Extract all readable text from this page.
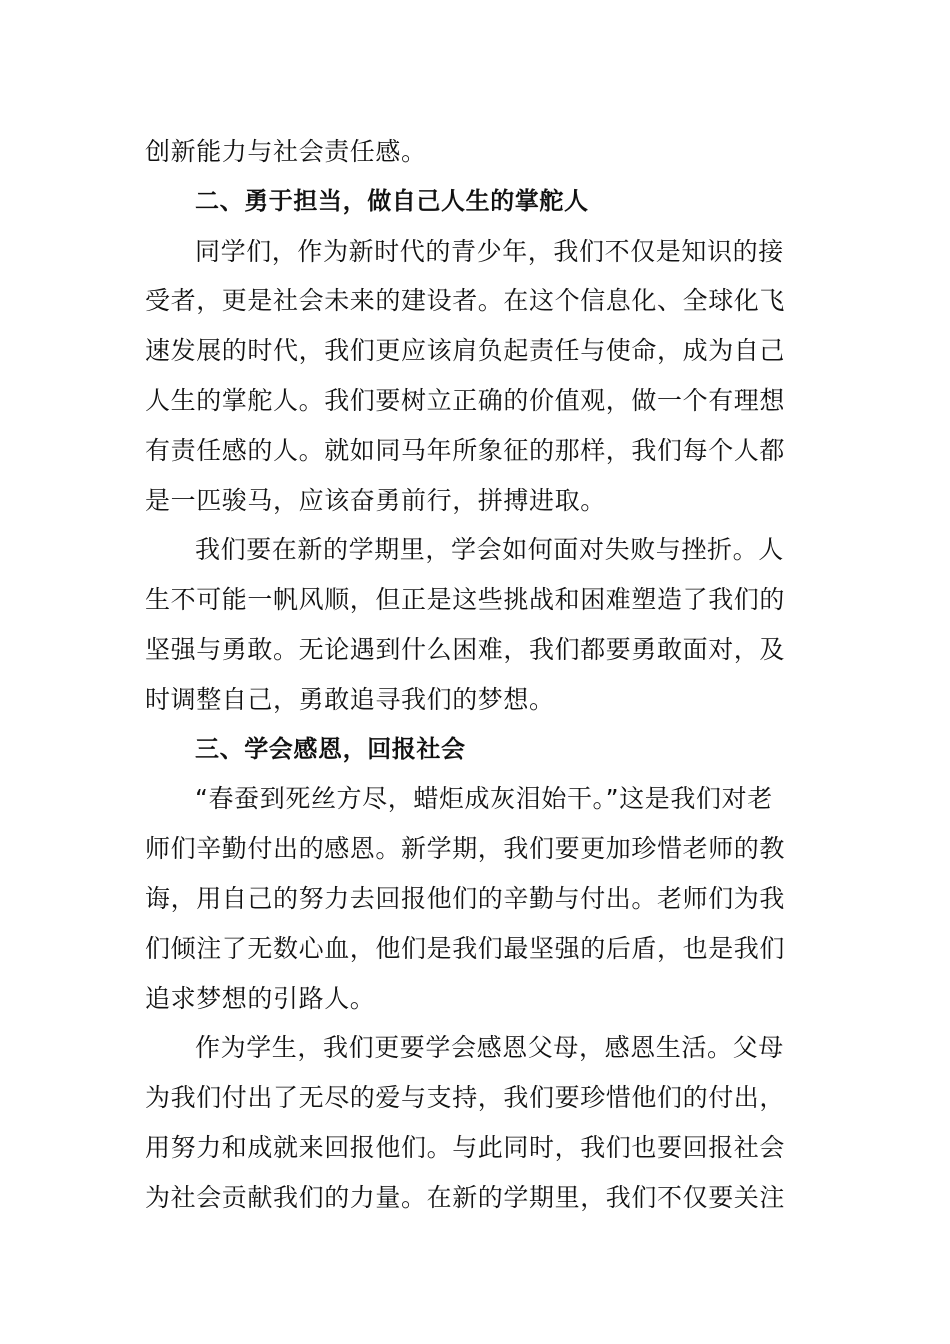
创新能力与社会责任感。
二、勇于担当，做自己人生的掌舵人
同学们，作为新时代的青少年，我们不仅是知识的接
受者，更是社会未来的建设者。在这个信息化、全球化飞
速发展的时代，我们更应该肩负起责任与使命，成为自己
人生的掌舵人。我们要树立正确的价值观，做一个有理想
有责任感的人。就如同马年所象征的那样，我们每个人都
是一匹骏马，应该奋勇前行，拼搏进取。
我们要在新的学期里，学会如何面对失败与挫折。人
生不可能一帆风顺，但正是这些挑战和困难塑造了我们的
坚强与勇敢。无论遇到什么困难，我们都要勇敢面对，及
时调整自己，勇敢追寻我们的梦想。
三、学会感恩，回报社会
“春蚕到死丝方尽，蜡炬成灰泪始干。”这是我们对老
师们辛勤付出的感恩。新学期，我们要更加珍惜老师的教
诲，用自己的努力去回报他们的辛勤与付出。老师们为我
们倾注了无数心血，他们是我们最坚强的后盾，也是我们
追求梦想的引路人。
作为学生，我们更要学会感恩父母，感恩生活。父母
为我们付出了无尽的爱与支持，我们要珍惜他们的付出，
用努力和成就来回报他们。与此同时，我们也要回报社会
为社会贡献我们的力量。在新的学期里，我们不仅要关注
